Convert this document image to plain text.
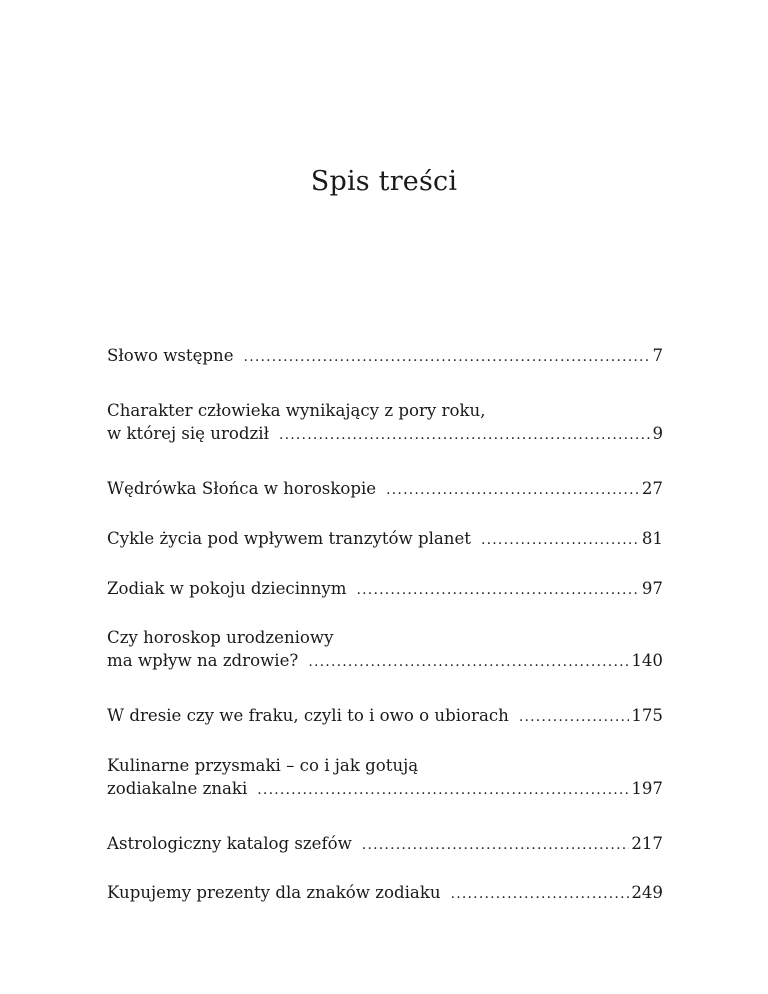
Spis treści
Słowo wstępne .....	7
Charakter człowieka wynikający z pory roku,
w której się urodził .....	9
Wędrówka Słońca w horoskopie .....	27
Cykle życia pod wpływem tranzytów planet .....	81
Zodiak w pokoju dziecinnym .....	97
Czy horoskop urodzeniowy
ma wpływ na zdrowie? .....	140
W dresie czy we fraku, czyli to i owo o ubiorach .....	175
Kulinarne przysmaki – co i jak gotują
zodiakalne znaki .....	197
Astrologiczny katalog szefów .....	217
Kupujemy prezenty dla znaków zodiaku .....	249
